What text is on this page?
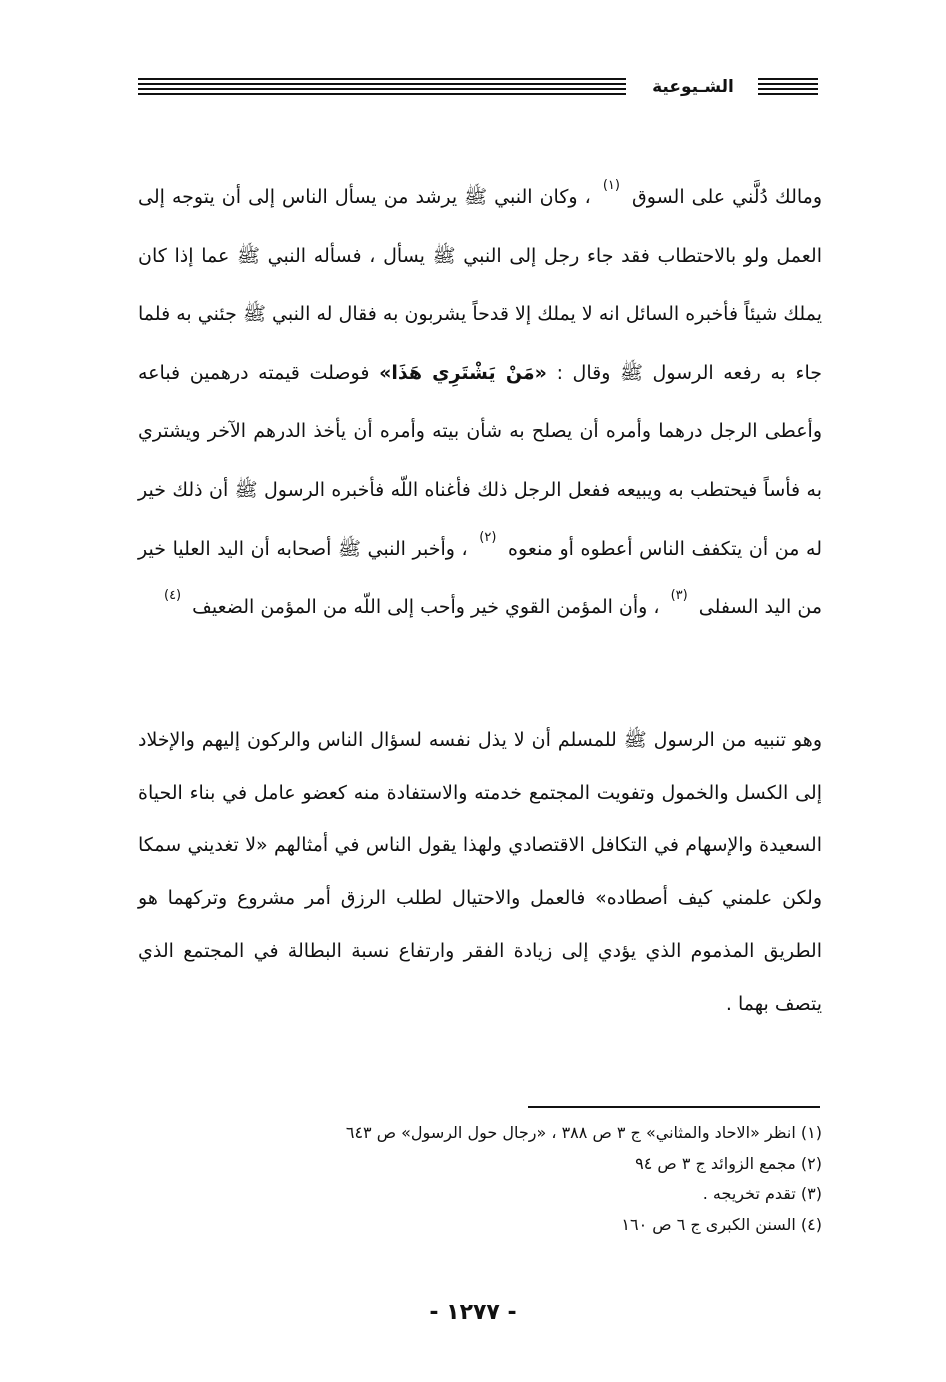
الشـيوعية

ومالك دُلَّني على السوق $^{(١)}$ ، وكان النبي ﷺ يرشد من يسأل الناس إلى أن يتوجه إلى العمل ولو بالاحتطاب فقد جاء رجل إلى النبي ﷺ يسأل ، فسأله النبي ﷺ عما إذا كان يملك شيئاً فأخبره السائل انه لا يملك إلا قدحاً يشربون به فقال له النبي ﷺ جئني به فلما جاء به رفعه الرسول ﷺ وقال : «مَنْ يَشْتَرِي هَذَا» فوصلت قيمته درهمين فباعه وأعطى الرجل درهما وأمره أن يصلح به شأن بيته وأمره أن يأخذ الدرهم الآخر ويشتري به فأساً فيحتطب به ويبيعه ففعل الرجل ذلك فأغناه اللّه فأخبره الرسول ﷺ أن ذلك خير له من أن يتكفف الناس أعطوه أو منعوه $^{(٢)}$ ، وأخبر النبي ﷺ أصحابه أن اليد العليا خير من اليد السفلى $^{(٣)}$ ، وأن المؤمن القوي خير وأحب إلى اللّه من المؤمن الضعيف $^{(٤)}$

وهو تنبيه من الرسول ﷺ للمسلم أن لا يذل نفسه لسؤال الناس والركون إليهم والإخلاد إلى الكسل والخمول وتفويت المجتمع خدمته والاستفادة منه كعضو عامل في بناء الحياة السعيدة والإسهام في التكافل الاقتصادي ولهذا يقول الناس في أمثالهم «لا تغديني سمكا ولكن علمني كيف أصطاده» فالعمل والاحتيال لطلب الرزق أمر مشروع وتركهما هو الطريق المذموم الذي يؤدي إلى زيادة الفقر وارتفاع نسبة البطالة في المجتمع الذي يتصف بهما .

(١) انظر «الاحاد والمثاني» ج ٣ ص ٣٨٨ ، «رجال حول الرسول» ص ٦٤٣
(٢) مجمع الزوائد ج ٣ ص ٩٤
(٣) تقدم تخريجه .
(٤) السنن الكبرى ج ٦ ص ١٦٠
- ١٢٧٧ -
